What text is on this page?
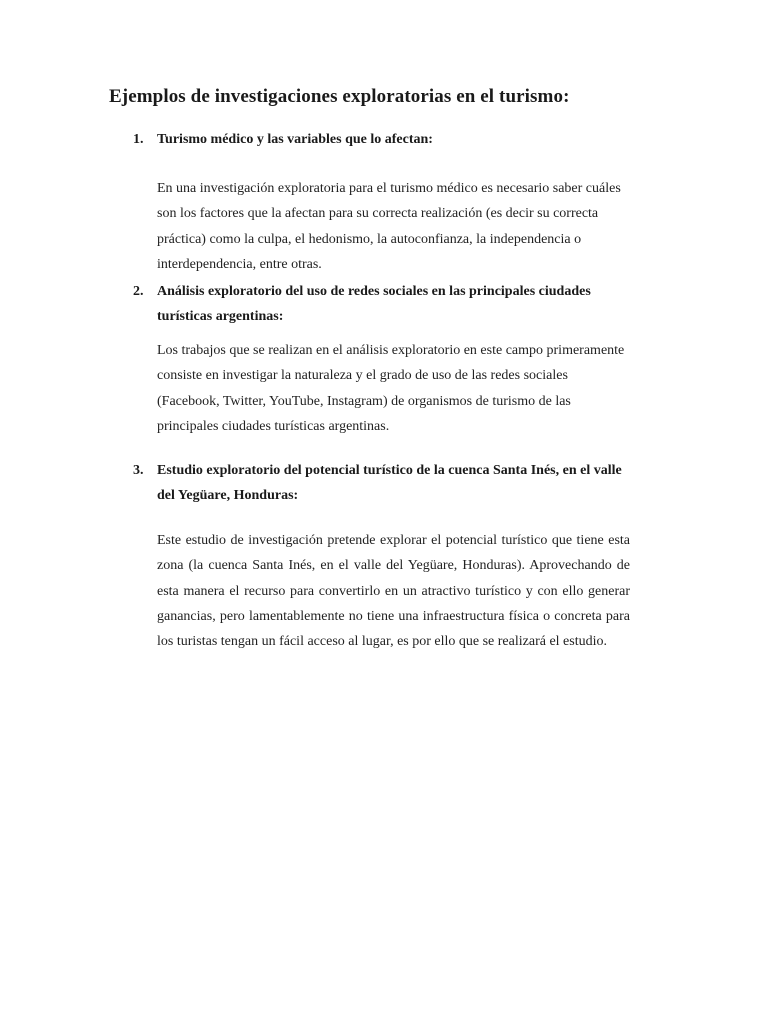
Ejemplos de investigaciones exploratorias en el turismo:
1. Turismo médico y las variables que lo afectan:

En una investigación exploratoria para el turismo médico es necesario saber cuáles son los factores que la afectan para su correcta realización (es decir su correcta práctica) como la culpa, el hedonismo, la autoconfianza, la independencia o interdependencia, entre otras.

2. Análisis exploratorio del uso de redes sociales en las principales ciudades turísticas argentinas:

Los trabajos que se realizan en el análisis exploratorio en este campo primeramente consiste en investigar la naturaleza y el grado de uso de las redes sociales (Facebook, Twitter, YouTube, Instagram) de organismos de turismo de las principales ciudades turísticas argentinas.

3. Estudio exploratorio del potencial turístico de la cuenca Santa Inés, en el valle del Yegüare, Honduras:

Este estudio de investigación pretende explorar el potencial turístico que tiene esta zona (la cuenca Santa Inés, en el valle del Yegüare, Honduras). Aprovechando de esta manera el recurso para convertirlo en un atractivo turístico y con ello generar ganancias, pero lamentablemente no tiene una infraestructura física o concreta para los turistas tengan un fácil acceso al lugar, es por ello que se realizará el estudio.
